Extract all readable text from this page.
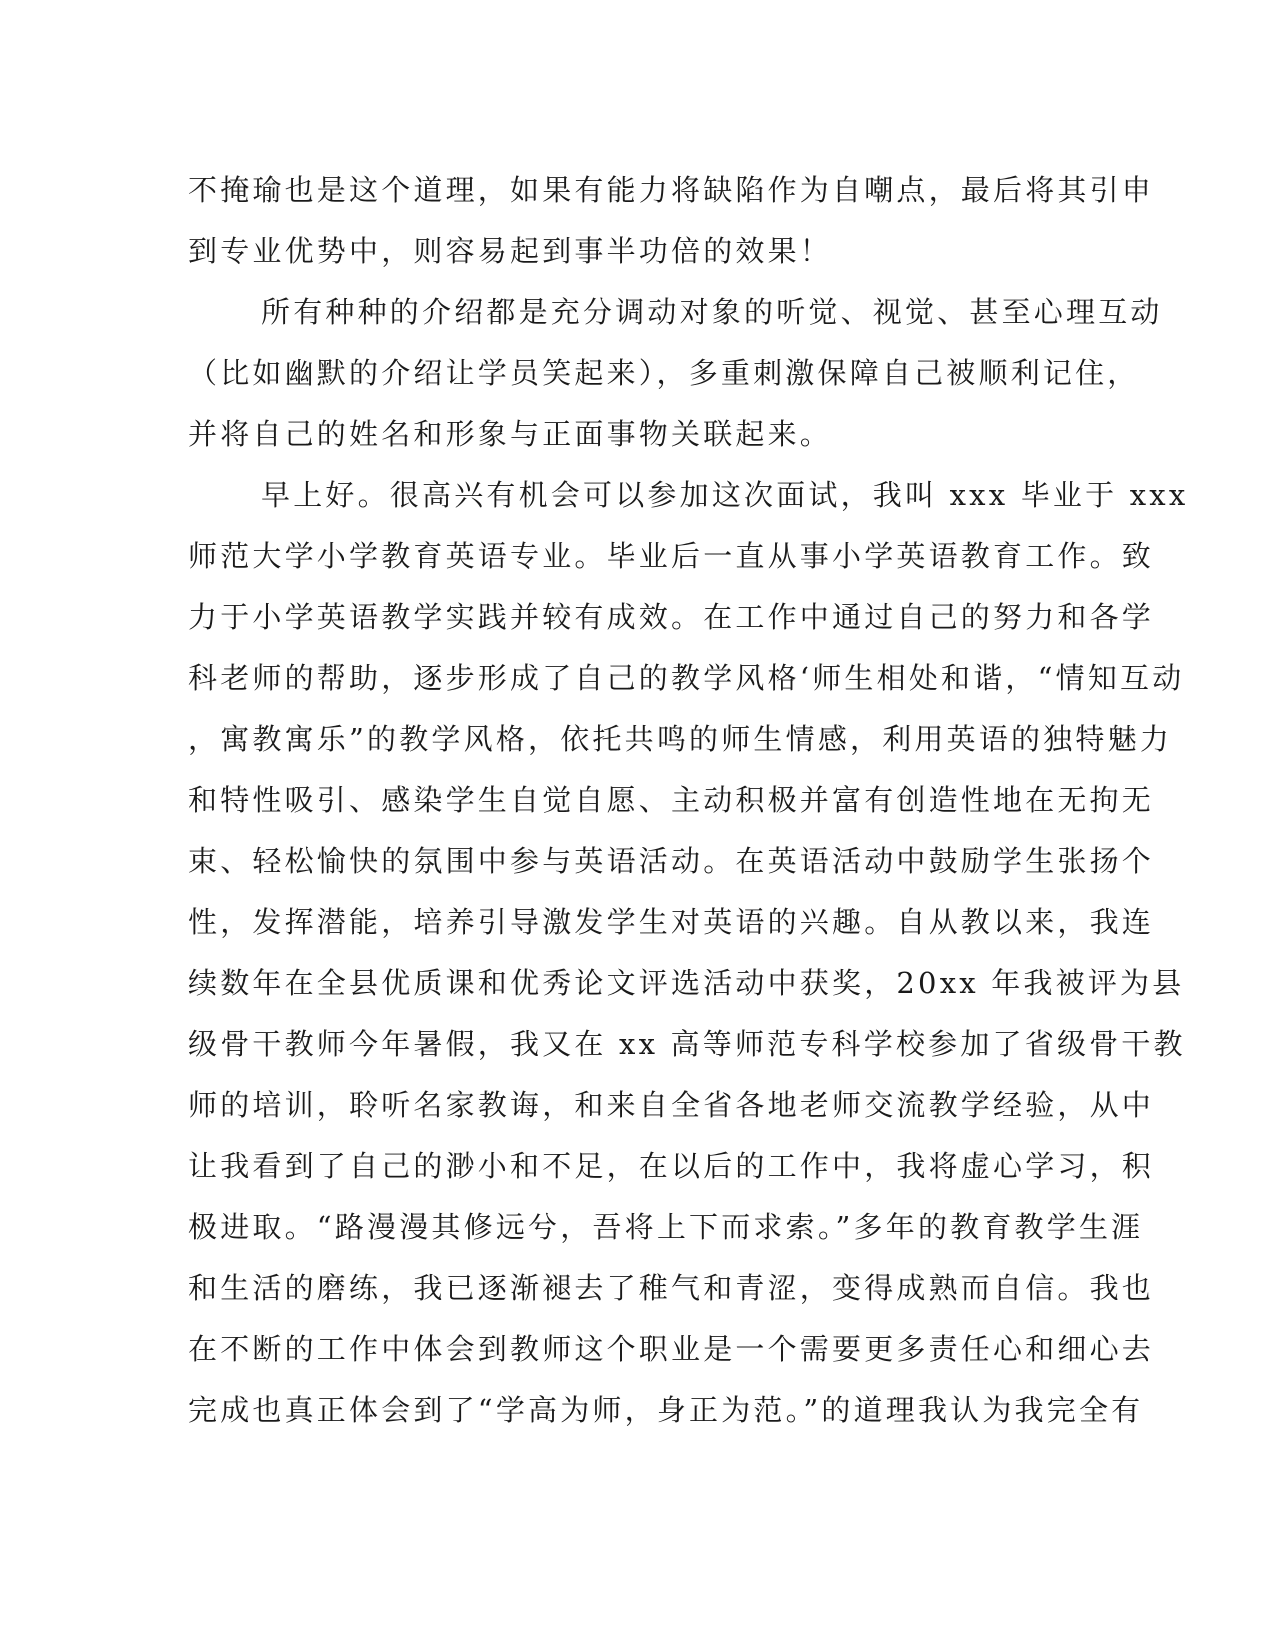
不掩瑜也是这个道理，如果有能力将缺陷作为自嘲点，最后将其引申
到专业优势中，则容易起到事半功倍的效果！
所有种种的介绍都是充分调动对象的听觉、视觉、甚至心理互动
（比如幽默的介绍让学员笑起来），多重刺激保障自己被顺利记住，
并将自己的姓名和形象与正面事物关联起来。
早上好。很高兴有机会可以参加这次面试，我叫 xxx 毕业于 xxx
师范大学小学教育英语专业。毕业后一直从事小学英语教育工作。致
力于小学英语教学实践并较有成效。在工作中通过自己的努力和各学
科老师的帮助，逐步形成了自己的教学风格‘师生相处和谐，“情知互动
，寓教寓乐”的教学风格，依托共鸣的师生情感，利用英语的独特魅力
和特性吸引、感染学生自觉自愿、主动积极并富有创造性地在无拘无
束、轻松愉快的氛围中参与英语活动。在英语活动中鼓励学生张扬个
性，发挥潜能，培养引导激发学生对英语的兴趣。自从教以来，我连
续数年在全县优质课和优秀论文评选活动中获奖，20xx 年我被评为县
级骨干教师今年暑假，我又在 xx 高等师范专科学校参加了省级骨干教
师的培训，聆听名家教诲，和来自全省各地老师交流教学经验，从中
让我看到了自己的渺小和不足，在以后的工作中，我将虚心学习，积
极进取。“路漫漫其修远兮，吾将上下而求索。”多年的教育教学生涯
和生活的磨练，我已逐渐褪去了稚气和青涩，变得成熟而自信。我也
在不断的工作中体会到教师这个职业是一个需要更多责任心和细心去
完成也真正体会到了“学高为师，身正为范。”的道理我认为我完全有
